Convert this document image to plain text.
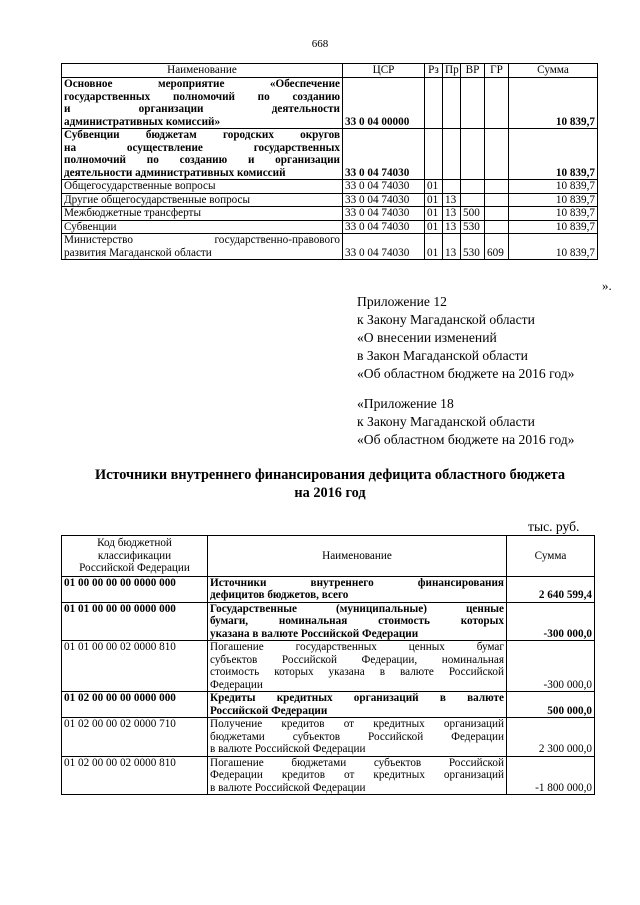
668
Наименование	ЦСР	Рз	Пр	ВР	ГР	Сумма

Основное мероприятие «Обеспечение
государственных полномочий по созданию
и организации деятельности
административных комиссий»	33 0 04 00000					10 839,7

Субвенции бюджетам городских округов
на осуществление государственных
полномочий по созданию и организации
деятельности административных комиссий	33 0 04 74030					10 839,7

Общегосударственные вопросы	33 0 04 74030	01				10 839,7

Другие общегосударственные вопросы	33 0 04 74030	01	13			10 839,7

Межбюджетные трансферты	33 0 04 74030	01	13	500		10 839,7

Субвенции	33 0 04 74030	01	13	530		10 839,7

Министерство государственно-правового
развития Магаданской области	33 0 04 74030	01	13	530	609	10 839,7
».
Приложение 12
к Закону Магаданской области
«О внесении изменений
в Закон Магаданской области
«Об областном бюджете на 2016 год»
«Приложение 18
к Закону Магаданской области
«Об областном бюджете на 2016 год»
Источники внутреннего финансирования дефицита областного бюджета
на 2016 год
тыс. руб.
Код бюджетной
классификации
Российской Федерации	Наименование	Сумма
01 00 00 00 00 0000 000	Источники внутреннего финансирования
дефицитов бюджетов, всего	2 640 599,4
01 01 00 00 00 0000 000	Государственные (муниципальные) ценные
бумаги, номинальная стоимость которых
указана в валюте Российской Федерации	-300 000,0
01 01 00 00 02 0000 810	Погашение государственных ценных бумаг
субъектов Российской Федерации, номинальная
стоимость которых указана в валюте Российской
Федерации	-300 000,0
01 02 00 00 00 0000 000	Кредиты кредитных организаций в валюте
Российской Федерации	500 000,0
01 02 00 00 02 0000 710	Получение кредитов от кредитных организаций
бюджетами субъектов Российской Федерации
в валюте Российской Федерации	2 300 000,0
01 02 00 00 02 0000 810	Погашение бюджетами субъектов Российской
Федерации кредитов от кредитных организаций
в валюте Российской Федерации	-1 800 000,0
